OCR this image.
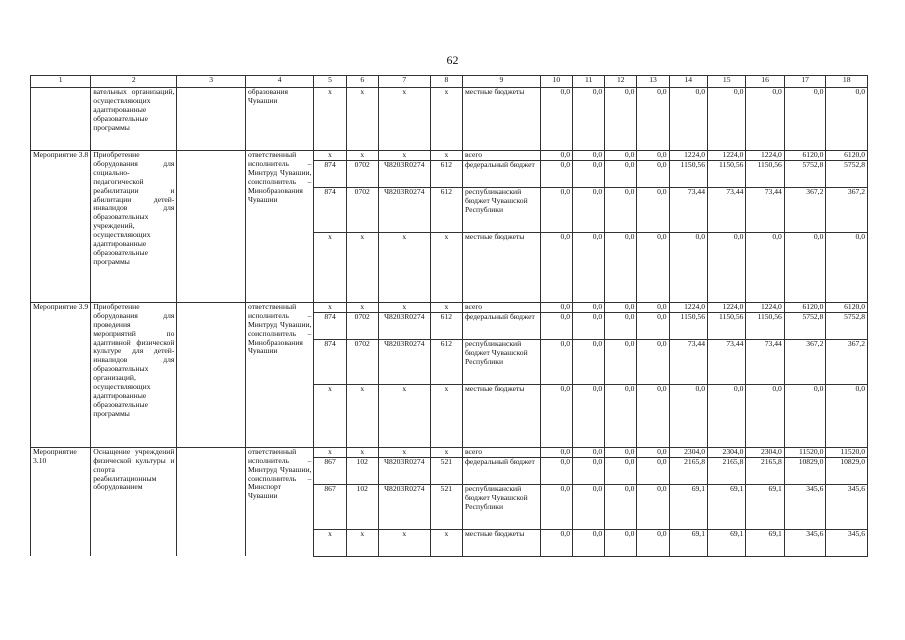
62
1	2	3	4	5	6	7	8	9	10	11	12	13	14	15	16	17	18
	вательных организаций, осуществляющих адаптированные образовательные программы		образования Чувашии	x	x	x	x	местные бюджеты	0,0	0,0	0,0	0,0	0,0	0,0	0,0	0,0	0,0
Мероприятие 3.8	Приобретение оборудования для социально-педагогической реабилитации и абилитации детей-инвалидов для образовательных учреждений, осуществляющих адаптированные образовательные программы		ответственный исполнитель – Минтруд Чувашии, соисполнитель – Минобразования Чувашии	x	x	x	x	всего	0,0	0,0	0,0	0,0	1224,0	1224,0	1224,0	6120,0	6120,0
				874	0702	Ч8203R0274	612	федеральный бюджет	0,0	0,0	0,0	0,0	1150,56	1150,56	1150,56	5752,8	5752,8
				874	0702	Ч8203R0274	612	республиканский бюджет Чувашской Республики	0,0	0,0	0,0	0,0	73,44	73,44	73,44	367,2	367,2
				x	x	x	x	местные бюджеты	0,0	0,0	0,0	0,0	0,0	0,0	0,0	0,0	0,0
Мероприятие 3.9	Приобретение оборудования для проведения мероприятий по адаптивной физической культуре для детей-инвалидов для образовательных организаций, осуществляющих адаптированные образовательные программы		ответственный исполнитель – Минтруд Чувашии, соисполнитель – Минобразования Чувашии	x	x	x	x	всего	0,0	0,0	0,0	0,0	1224,0	1224,0	1224,0	6120,0	6120,0
				874	0702	Ч8203R0274	612	федеральный бюджет	0,0	0,0	0,0	0,0	1150,56	1150,56	1150,56	5752,8	5752,8
				874	0702	Ч8203R0274	612	республиканский бюджет Чувашской Республики	0,0	0,0	0,0	0,0	73,44	73,44	73,44	367,2	367,2
				x	x	x	x	местные бюджеты	0,0	0,0	0,0	0,0	0,0	0,0	0,0	0,0	0,0
Мероприятие 3.10	Оснащение учреждений физической культуры и спорта реабилитационным оборудованием		ответственный исполнитель – Минтруд Чувашии, соисполнитель – Минспорт Чувашии	x	x	x	x	всего	0,0	0,0	0,0	0,0	2304,0	2304,0	2304,0	11520,0	11520,0
				867	102	Ч8203R0274	521	федеральный бюджет	0,0	0,0	0,0	0,0	2165,8	2165,8	2165,8	10829,0	10829,0
				867	102	Ч8203R0274	521	республиканский бюджет Чувашской Республики	0,0	0,0	0,0	0,0	69,1	69,1	69,1	345,6	345,6
				x	x	x	x	местные бюджеты	0,0	0,0	0,0	0,0	69,1	69,1	69,1	345,6	345,6
